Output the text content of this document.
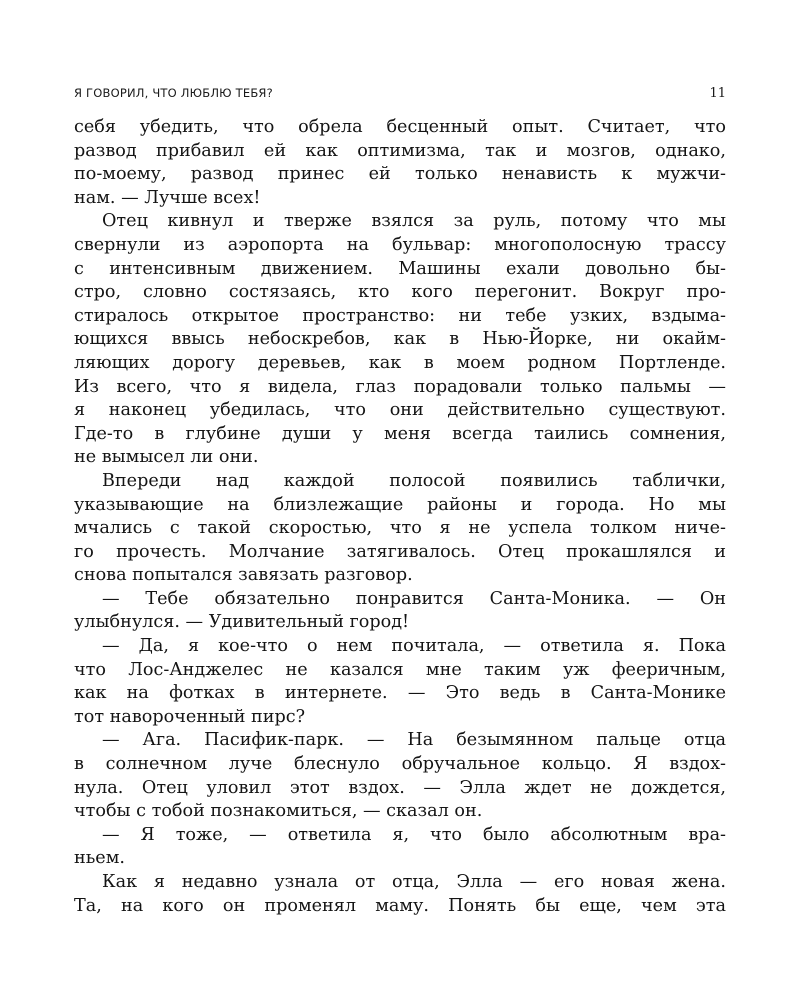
Я ГОВОРИЛ, ЧТО ЛЮБЛЮ ТЕБЯ?	11
себя убедить, что обрела бесценный опыт. Считает, что
развод прибавил ей как оптимизма, так и мозгов, однако,
по-моему, развод принес ей только ненависть к мужчи-
нам. — Лучше всех!
Отец кивнул и тверже взялся за руль, потому что мы
свернули из аэропорта на бульвар: многополосную трассу
с интенсивным движением. Машины ехали довольно бы-
стро, словно состязаясь, кто кого перегонит. Вокруг про-
стиралось открытое пространство: ни тебе узких, вздыма-
ющихся ввысь небоскребов, как в Нью-Йорке, ни окайм-
ляющих дорогу деревьев, как в моем родном Портленде.
Из всего, что я видела, глаз порадовали только пальмы —
я наконец убедилась, что они действительно существуют.
Где-то в глубине души у меня всегда таились сомнения,
не вымысел ли они.
Впереди над каждой полосой появились таблички,
указывающие на близлежащие районы и города. Но мы
мчались с такой скоростью, что я не успела толком ниче-
го прочесть. Молчание затягивалось. Отец прокашлялся и
снова попытался завязать разговор.
— Тебе обязательно понравится Санта-Моника. — Он
улыбнулся. — Удивительный город!
— Да, я кое-что о нем почитала, — ответила я. Пока
что Лос-Анджелес не казался мне таким уж фееричным,
как на фотках в интернете. — Это ведь в Санта-Монике
тот навороченный пирс?
— Ага. Пасифик-парк. — На безымянном пальце отца
в солнечном луче блеснуло обручальное кольцо. Я вздох-
нула. Отец уловил этот вздох. — Элла ждет не дождется,
чтобы с тобой познакомиться, — сказал он.
— Я тоже, — ответила я, что было абсолютным вра-
ньем.
Как я недавно узнала от отца, Элла — его новая жена.
Та, на кого он променял маму. Понять бы еще, чем эта
